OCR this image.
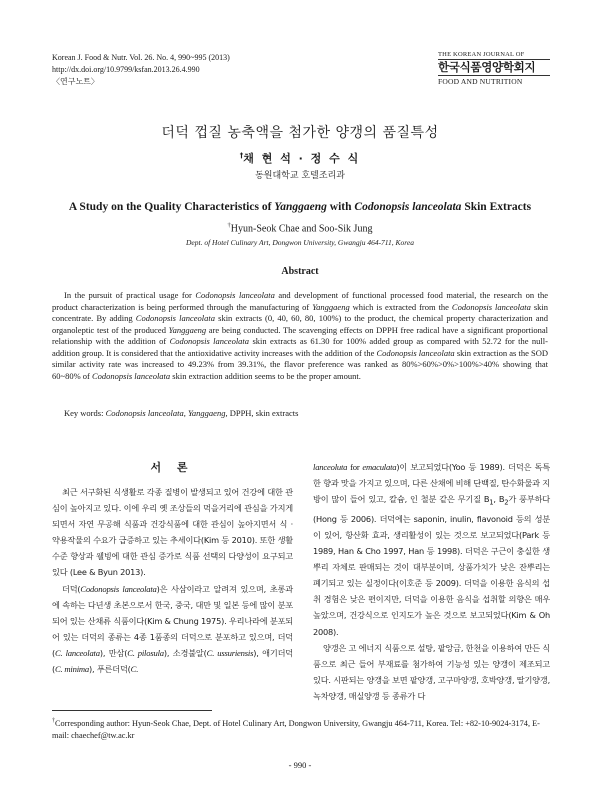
Korean J. Food & Nutr. Vol. 26. No. 4, 990~995 (2013)
http://dx.doi.org/10.9799/ksfan.2013.26.4.990
〈연구노트〉
THE KOREAN JOURNAL OF
한국식품영양학회지
FOOD AND NUTRITION
더덕 껍질 농축액을 첨가한 양갱의 품질특성
†채 현 석 · 정 수 식
동원대학교 호텔조리과
A Study on the Quality Characteristics of Yanggaeng with Codonopsis lanceolata Skin Extracts
†Hyun-Seok Chae and Soo-Sik Jung
Dept. of Hotel Culinary Art, Dongwon University, Gwangju 464-711, Korea
Abstract
In the pursuit of practical usage for Codonopsis lanceolata and development of functional processed food material, the research on the product characterization is being performed through the manufacturing of Yanggaeng which is extracted from the Codonopsis lanceolata skin concentrate. By adding Codonopsis lanceolata skin extracts (0, 40, 60, 80, 100%) to the product, the chemical property characterization and organoleptic test of the produced Yanggaeng are being conducted. The scavenging effects on DPPH free radical have a significant proportional relationship with the addition of Codonopsis lanceolata skin extracts as 61.30 for 100% added group as compared with 52.72 for the null-addition group. It is considered that the antioxidative activity increases with the addition of the Codonopsis lanceolata skin extraction as the SOD similar activity rate was increased to 49.23% from 39.31%, the flavor preference was ranked as 80%>60%>0%>100%>40% showing that 60~80% of Codonopsis lanceolata skin extraction addition seems to be the proper amount.
Key words: Codonopsis lanceolata, Yanggaeng, DPPH, skin extracts
서 론

최근 서구화된 식생활로 각종 질병이 발생되고 있어 건강에 대한 관심이 높아지고 있다. 이에 우리 옛 조상들의 먹을거리에 관심을 가지게 되면서 자연 무공해 식품과 건강식품에 대한 관심이 높아지면서 식 · 약용작물의 수요가 급증하고 있는 추세이다(Kim 등 2010). 또한 생활수준 향상과 웰빙에 대한 관심 증가로 식품 선택의 다양성이 요구되고 있다 (Lee & Byun 2013).

더덕(Codonopsis lanceolata)은 사삼이라고 알려져 있으며, 초롱과에 속하는 다년생 초본으로서 한국, 중국, 대만 및 일본 등에 많이 분포되어 있는 산채류 식품이다(Kim & Chung 1975). 우리나라에 분포되어 있는 더덕의 종류는 4종 1품종의 더덕으로 분포하고 있으며, 더덕(C. lanceolata), 만삼(C. pilosula), 소경불알(C. ussuriensis), 애기더덕(C. minima), 푸른더덕(C.

lanceoluta for emaculata)이 보고되었다(Yoo 등 1989). 더덕은 독특한 향과 맛을 가지고 있으며, 다른 산채에 비해 단백질, 탄수화물과 지방이 많이 들어 있고, 칼슘, 인 철분 같은 무기질 $B_1$, $B_2$가 풍부하다(Hong 등 2006). 더덕에는 saponin, inulin, flavonoid 등의 성분이 있어, 항산화 효과, 생리활성이 있는 것으로 보고되었다(Park 등 1989, Han & Cho 1997, Han 등 1998). 더덕은 구근이 충실한 생 뿌리 자체로 판매되는 것이 대부분이며, 상품가치가 낮은 잔뿌리는 폐기되고 있는 실정이다(이호준 등 2009). 더덕을 이용한 음식의 섭취 경험은 낮은 편이지만, 더덕을 이용한 음식을 섭취할 의향은 매우 높았으며, 건강식으로 인지도가 높은 것으로 보고되었다(Kim & Oh 2008).

양갱은 고 에너지 식품으로 설탕, 팥앙금, 한천을 이용하여 만든 식품으로 최근 들어 부재료를 첨가하여 기능성 있는 양갱이 제조되고 있다. 시판되는 양갱을 보면 팥양갱, 고구마양갱, 호박양갱, 딸기양갱, 녹차양갱, 매실양갱 등 종류가 다

†Corresponding author: Hyun-Seok Chae, Dept. of Hotel Culinary Art, Dongwon University, Gwangju 464-711, Korea. Tel: +82-10-9024-3174, E-mail: chaechef@tw.ac.kr
- 990 -
